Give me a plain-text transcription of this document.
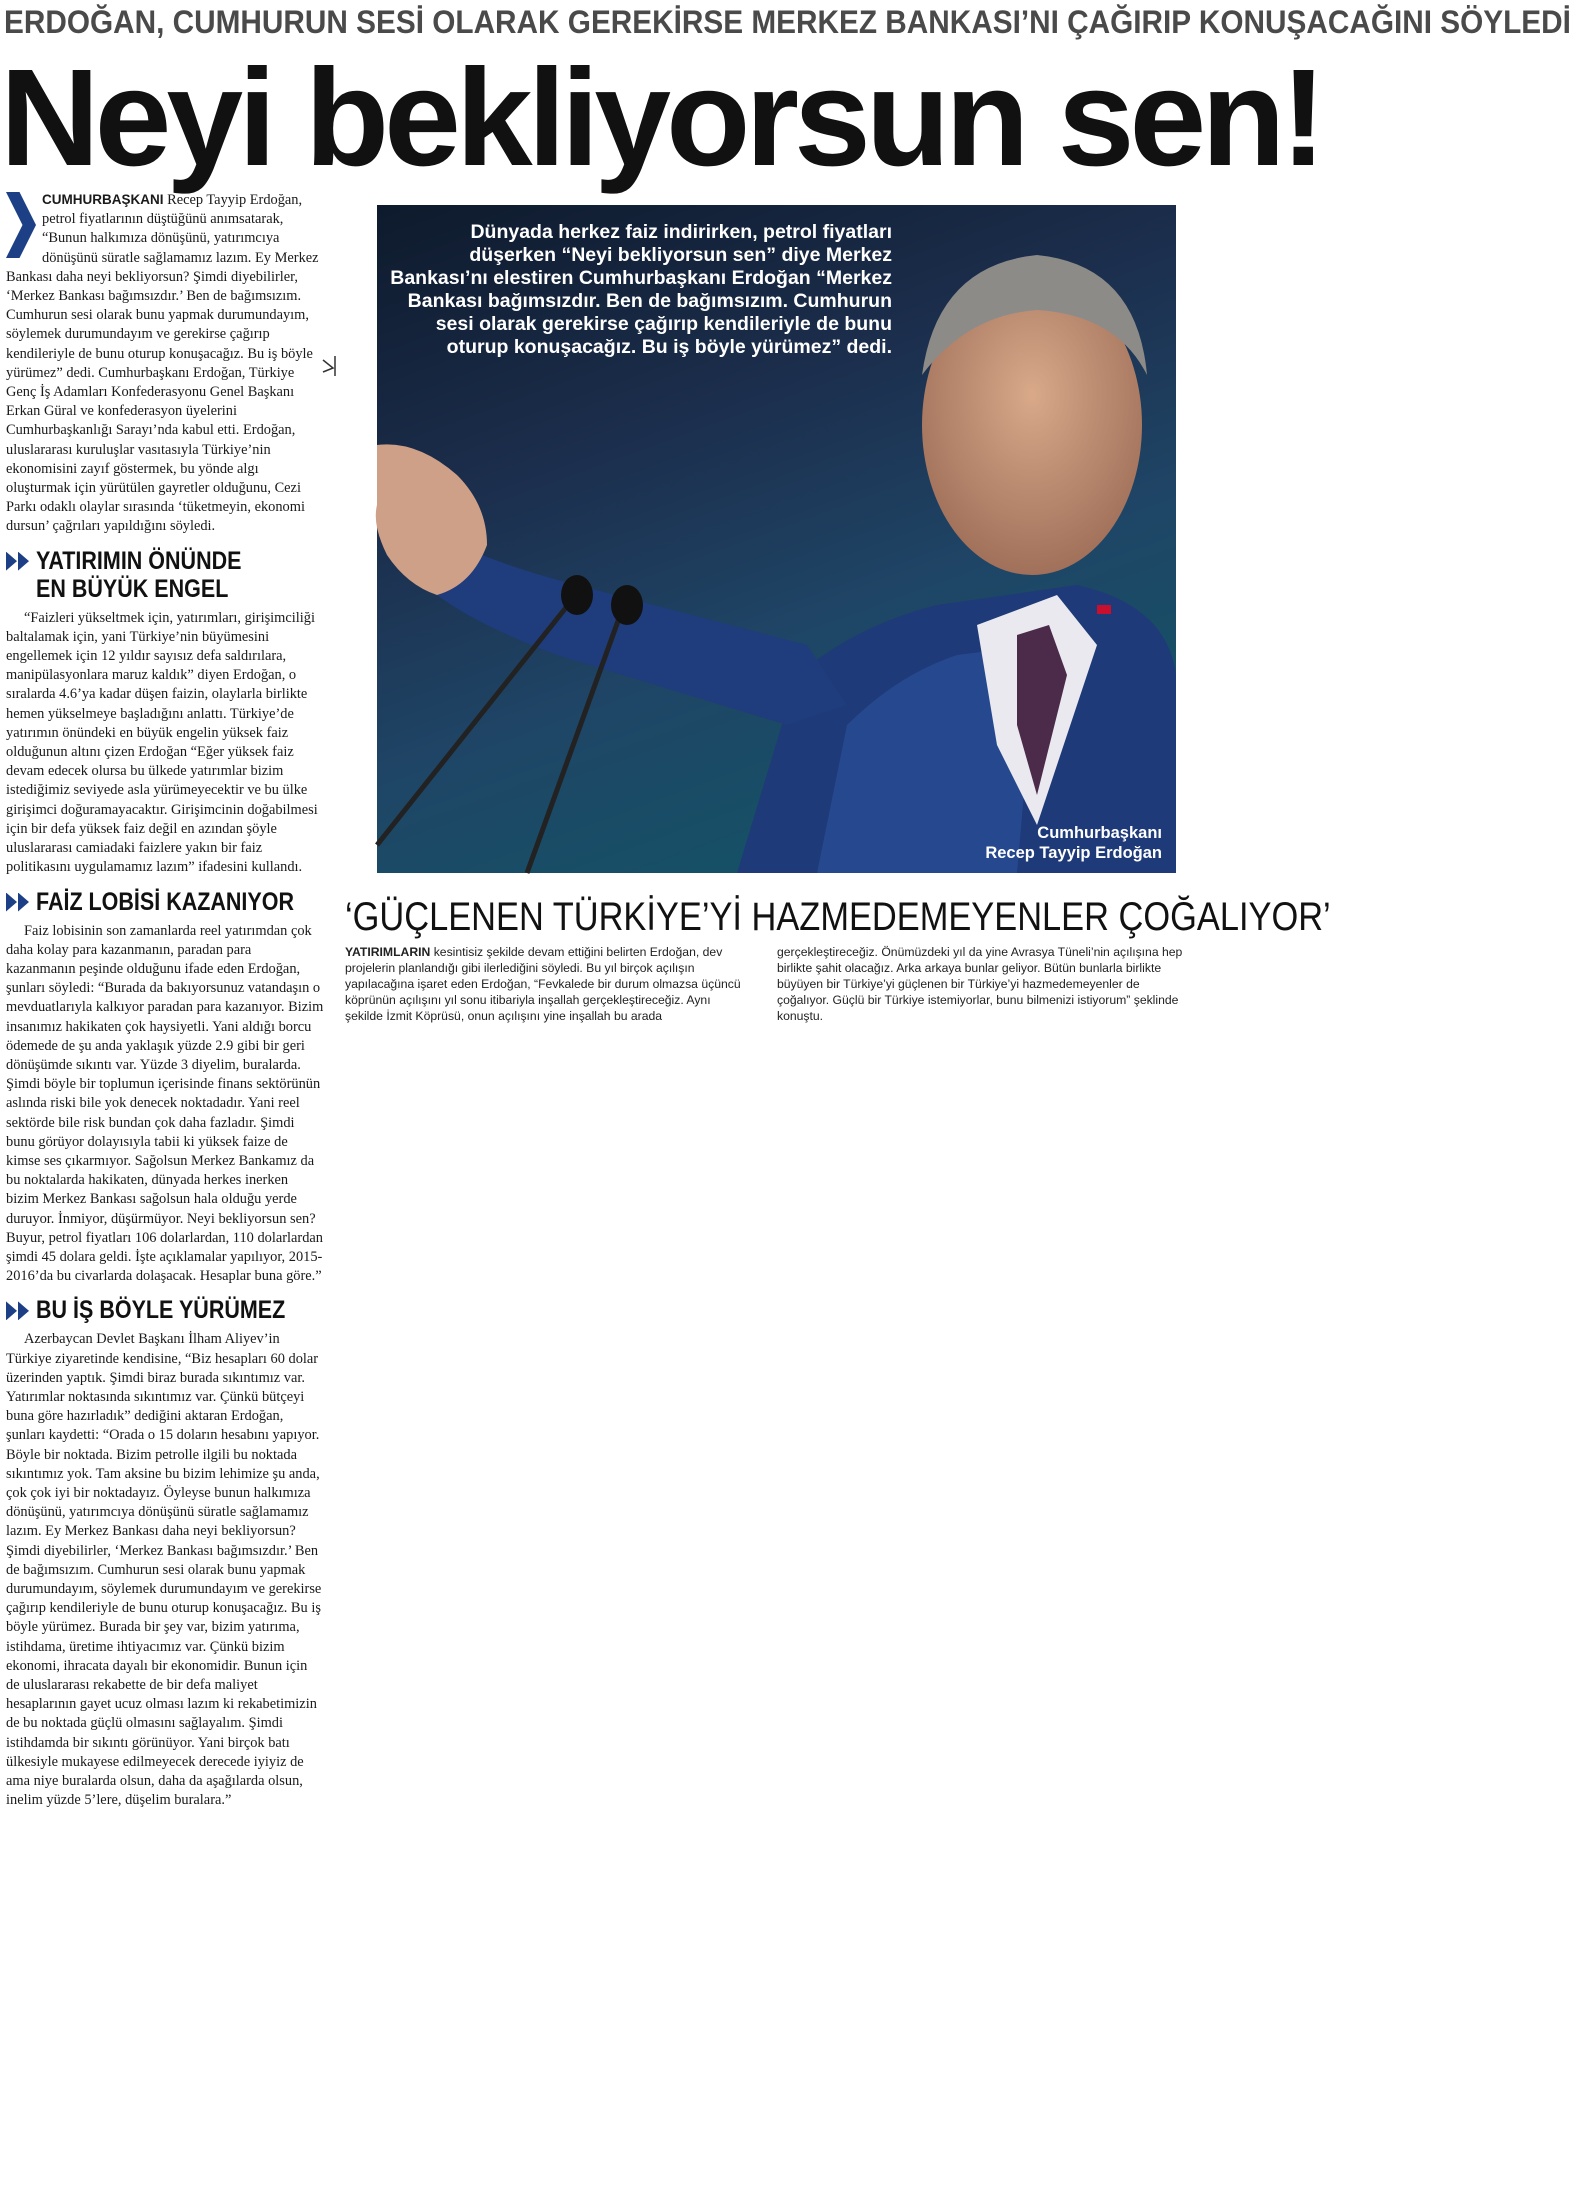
ERDOĞAN, CUMHURUN SESİ OLARAK GEREKİRSE MERKEZ BANKASI’NI ÇAĞIRIP KONUŞACAĞINI SÖYLEDİ
Neyi bekliyorsun sen!

CUMHURBAŞKANI Recep Tayyip Erdoğan, petrol fiyatlarının düştüğünü anımsatarak, “Bunun halkımıza dönüşünü, yatırımcıya dönüşünü süratle sağlamamız lazım. Ey Merkez Bankası daha neyi bekliyorsun? Şimdi diyebilirler, ‘Merkez Bankası bağımsızdır.’ Ben de bağımsızım. Cumhurun sesi olarak bunu yapmak durumundayım, söylemek durumundayım ve gerekirse çağırıp kendileriyle de bunu oturup konuşacağız. Bu iş böyle yürümez” dedi. Cumhurbaşkanı Erdoğan, Türkiye Genç İş Adamları Konfederasyonu Genel Başkanı Erkan Güral ve konfederasyon üyelerini Cumhurbaşkanlığı Sarayı’nda kabul etti. Erdoğan, uluslararası kuruluşlar vasıtasıyla Türkiye’nin ekonomisini zayıf göstermek, bu yönde algı oluşturmak için yürütülen gayretler olduğunu, Cezi Parkı odaklı olaylar sırasında ‘tüketmeyin, ekonomi dursun’ çağrıları yapıldığını söyledi.

YATIRIMIN ÖNÜNDE
EN BÜYÜK ENGEL

“Faizleri yükseltmek için, yatırımları, girişimciliği baltalamak için, yani Türkiye’nin büyümesini engellemek için 12 yıldır sayısız defa saldırılara, manipülasyonlara maruz kaldık” diyen Erdoğan, o sıralarda 4.6’ya kadar düşen faizin, olaylarla birlikte hemen yükselmeye başladığını anlattı. Türkiye’de yatırımın önündeki en büyük engelin yüksek faiz olduğunun altını çizen Erdoğan “Eğer yüksek faiz devam edecek olursa bu ülkede yatırımlar bizim istediğimiz seviyede asla yürümeyecektir ve bu ülke girişimci doğuramayacaktır. Girişimcinin doğabilmesi için bir defa yüksek faiz değil en azından şöyle uluslararası camiadaki faizlere yakın bir faiz politikasını uygulamamız lazım” ifadesini kullandı.

FAİZ LOBİSİ KAZANIYOR

Faiz lobisinin son zamanlarda reel yatırımdan çok daha kolay para kazanmanın, paradan para kazanmanın peşinde olduğunu ifade eden Erdoğan, şunları söyledi: “Burada da bakıyorsunuz vatandaşın o mevduatlarıyla kalkıyor paradan para kazanıyor. Bizim insanımız hakikaten çok haysiyetli. Yani aldığı borcu ödemede de şu anda yaklaşık yüzde 2.9 gibi bir geri dönüşümde sıkıntı var. Yüzde 3 diyelim, buralarda. Şimdi böyle bir toplumun içerisinde finans sektörünün aslında riski bile yok denecek noktadadır. Yani reel sektörde bile risk bundan çok daha fazladır. Şimdi bunu görüyor dolayısıyla tabii ki yüksek faize de kimse ses çıkarmıyor. Sağolsun Merkez Bankamız da bu noktalarda hakikaten, dünyada herkes inerken bizim Merkez Bankası sağolsun hala olduğu yerde duruyor. İnmiyor, düşürmüyor. Neyi bekliyorsun sen? Buyur, petrol fiyatları 106 dolarlardan, 110 dolarlardan şimdi 45 dolara geldi. İşte açıklamalar yapılıyor, 2015-2016’da bu civarlarda dolaşacak. Hesaplar buna göre.”

BU İŞ BÖYLE YÜRÜMEZ

Azerbaycan Devlet Başkanı İlham Aliyev’in Türkiye ziyaretinde kendisine, “Biz hesapları 60 dolar üzerinden yaptık. Şimdi biraz burada sıkıntımız var. Yatırımlar noktasında sıkıntımız var. Çünkü bütçeyi buna göre hazırladık” dediğini aktaran Erdoğan, şunları kaydetti: “Orada o 15 doların hesabını yapıyor. Böyle bir noktada. Bizim petrolle ilgili bu noktada sıkıntımız yok. Tam aksine bu bizim lehimize şu anda, çok çok iyi bir noktadayız. Öyleyse bunun halkımıza dönüşünü, yatırımcıya dönüşünü süratle sağlamamız lazım. Ey Merkez Bankası daha neyi bekliyorsun? Şimdi diyebilirler, ‘Merkez Bankası bağımsızdır.’ Ben de bağımsızım. Cumhurun sesi olarak bunu yapmak durumundayım, söylemek durumundayım ve gerekirse çağırıp kendileriyle de bunu oturup konuşacağız. Bu iş böyle yürümez. Burada bir şey var, bizim yatırıma, istihdama, üretime ihtiyacımız var. Çünkü bizim ekonomi, ihracata dayalı bir ekonomidir. Bunun için de uluslararası rekabette de bir defa maliyet hesaplarının gayet ucuz olması lazım ki rekabetimizin de bu noktada güçlü olmasını sağlayalım. Şimdi istihdamda bir sıkıntı görünüyor. Yani birçok batı ülkesiyle mukayese edilmeyecek derecede iyiyiz de ama niye buralarda olsun, daha da aşağılarda olsun, inelim yüzde 5’lere, düşelim buralara.”

Dünyada herkez faiz indirirken, petrol fiyatları düşerken “Neyi bekliyorsun sen” diye Merkez Bankası’nı elestiren Cumhurbaşkanı Erdoğan “Merkez Bankası bağımsızdır. Ben de bağımsızım. Cumhurun sesi olarak gerekirse çağırıp kendileriyle de bunu oturup konuşacağız. Bu iş böyle yürümez” dedi.
Cumhurbaşkanı
Recep Tayyip Erdoğan
‘GÜÇLENEN TÜRKİYE’Yİ HAZMEDEMEYENLER ÇOĞALIYOR’
YATIRIMLARIN kesintisiz şekilde devam ettiğini belirten Erdoğan, dev projelerin planlandığı gibi ilerlediğini söyledi. Bu yıl birçok açılışın yapılacağına işaret eden Erdoğan, “Fevkalede bir durum olmazsa üçüncü köprünün açılışını yıl sonu itibariyla inşallah gerçekleştireceğiz. Aynı şekilde İzmit Köprüsü, onun açılışını yine inşallah bu arada gerçekleştireceğiz. Önümüzdeki yıl da yine Avrasya Tüneli’nin açılışına hep birlikte şahit olacağız. Arka arkaya bunlar geliyor. Bütün bunlarla birlikte büyüyen bir Türkiye’yi güçlenen bir Türkiye’yi hazmedemeyenler de çoğalıyor. Güçlü bir Türkiye istemiyorlar, bunu bilmenizi istiyorum” şeklinde konuştu.
